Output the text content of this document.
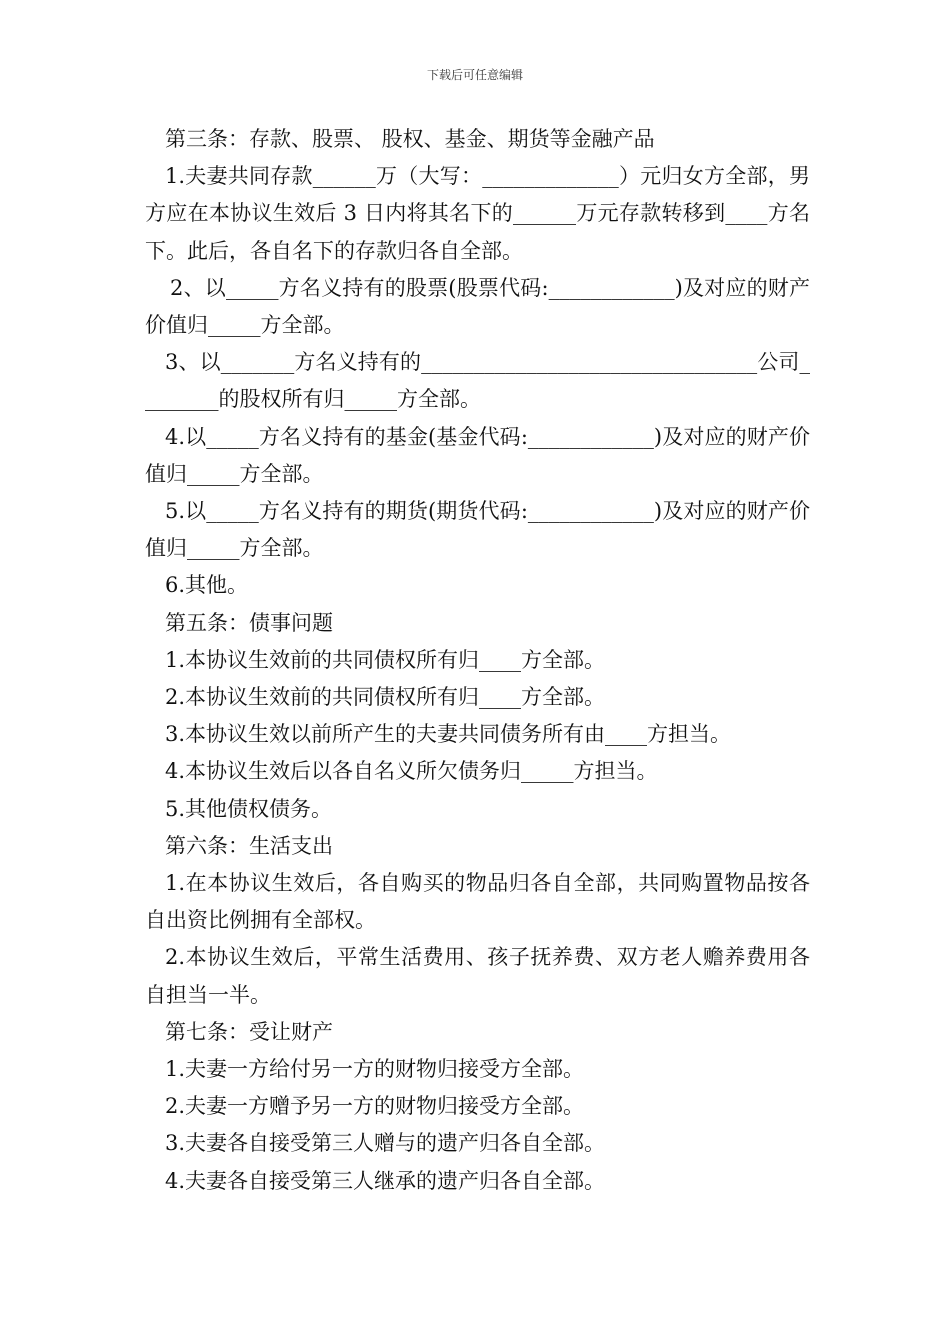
下载后可任意编辑

第三条：存款、股票、 股权、基金、期货等金融产品

1.夫妻共同存款______万（大写：_____________）元归女方全部，男方应在本协议生效后 3 日内将其名下的______万元存款转移到____方名下。此后，各自名下的存款归各自全部。

2、以_____方名义持有的股票(股票代码:____________)及对应的财产价值归_____方全部。

3、以_______方名义持有的________________________________公司________的股权所有归_____方全部。

4.以_____方名义持有的基金(基金代码:____________)及对应的财产价值归_____方全部。

5.以_____方名义持有的期货(期货代码:____________)及对应的财产价值归_____方全部。

6.其他。

第五条：债事问题

1.本协议生效前的共同债权所有归____方全部。

2.本协议生效前的共同债权所有归____方全部。

3.本协议生效以前所产生的夫妻共同债务所有由____方担当。

4.本协议生效后以各自名义所欠债务归_____方担当。

5.其他债权债务。

第六条：生活支出

1.在本协议生效后，各自购买的物品归各自全部，共同购置物品按各自出资比例拥有全部权。

2.本协议生效后，平常生活费用、孩子抚养费、双方老人赡养费用各自担当一半。

第七条：受让财产

1.夫妻一方给付另一方的财物归接受方全部。

2.夫妻一方赠予另一方的财物归接受方全部。

3.夫妻各自接受第三人赠与的遗产归各自全部。

4.夫妻各自接受第三人继承的遗产归各自全部。
